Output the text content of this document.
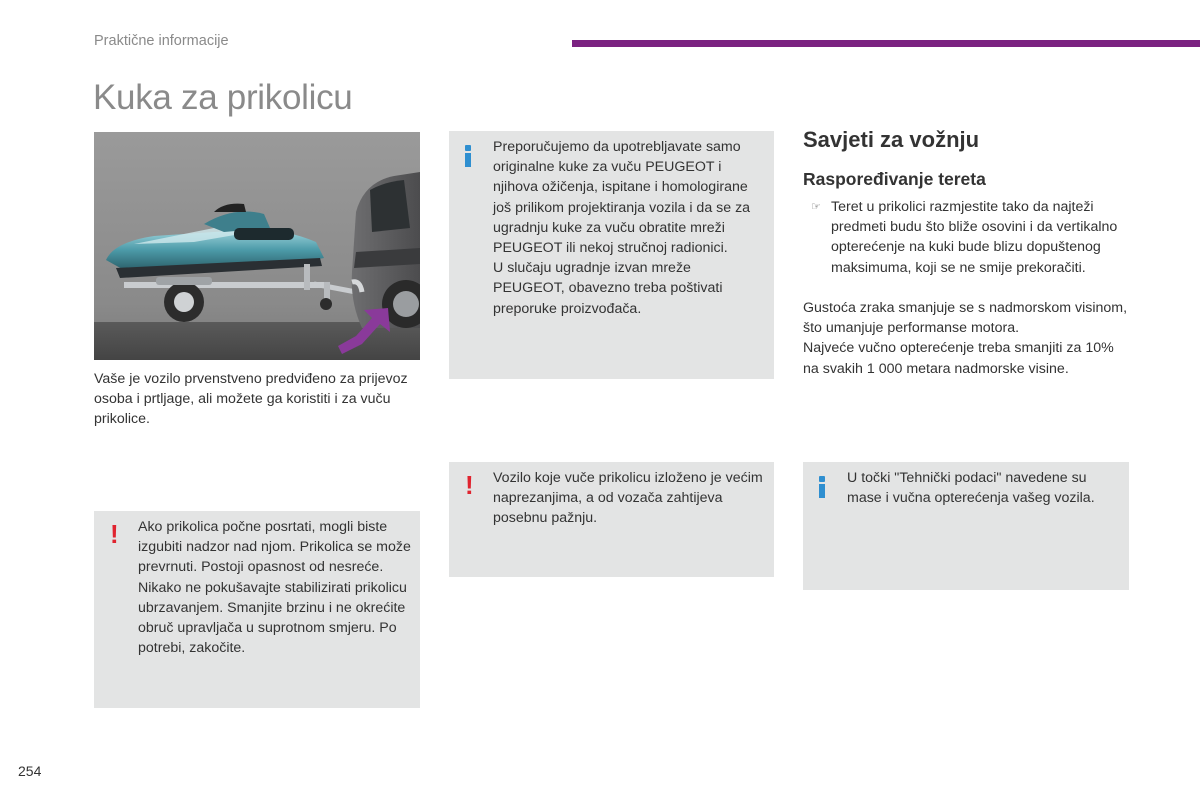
Praktične informacije
Kuka za prikolicu
Vaše je vozilo prvenstveno predviđeno za prijevoz osoba i prtljage, ali možete ga koristiti i za vuču prikolice.
Preporučujemo da upotrebljavate samo originalne kuke za vuču PEUGEOT i njihova ožičenja, ispitane i homologirane još prilikom projektiranja vozila i da se za ugradnju kuke za vuču obratite mreži PEUGEOT ili nekoj stručnoj radionici.
U slučaju ugradnje izvan mreže PEUGEOT, obavezno treba poštivati preporuke proizvođača.
! Ako prikolica počne posrtati, mogli biste izgubiti nadzor nad njom. Prikolica se može prevrnuti. Postoji opasnost od nesreće.
Nikako ne pokušavajte stabilizirati prikolicu ubrzavanjem. Smanjite brzinu i ne okrećite obruč upravljača u suprotnom smjeru. Po potrebi, zakočite.
! Vozilo koje vuče prikolicu izloženo je većim naprezanjima, a od vozača zahtijeva posebnu pažnju.
Savjeti za vožnju
Raspoređivanje tereta
☞ Teret u prikolici razmjestite tako da najteži predmeti budu što bliže osovini i da vertikalno opterećenje na kuki bude blizu dopuštenog maksimuma, koji se ne smije prekoračiti.
Gustoća zraka smanjuje se s nadmorskom visinom, što umanjuje performanse motora.
Najveće vučno opterećenje treba smanjiti za 10% na svakih 1 000 metara nadmorske visine.
U točki "Tehnički podaci" navedene su mase i vučna opterećenja vašeg vozila.
254
